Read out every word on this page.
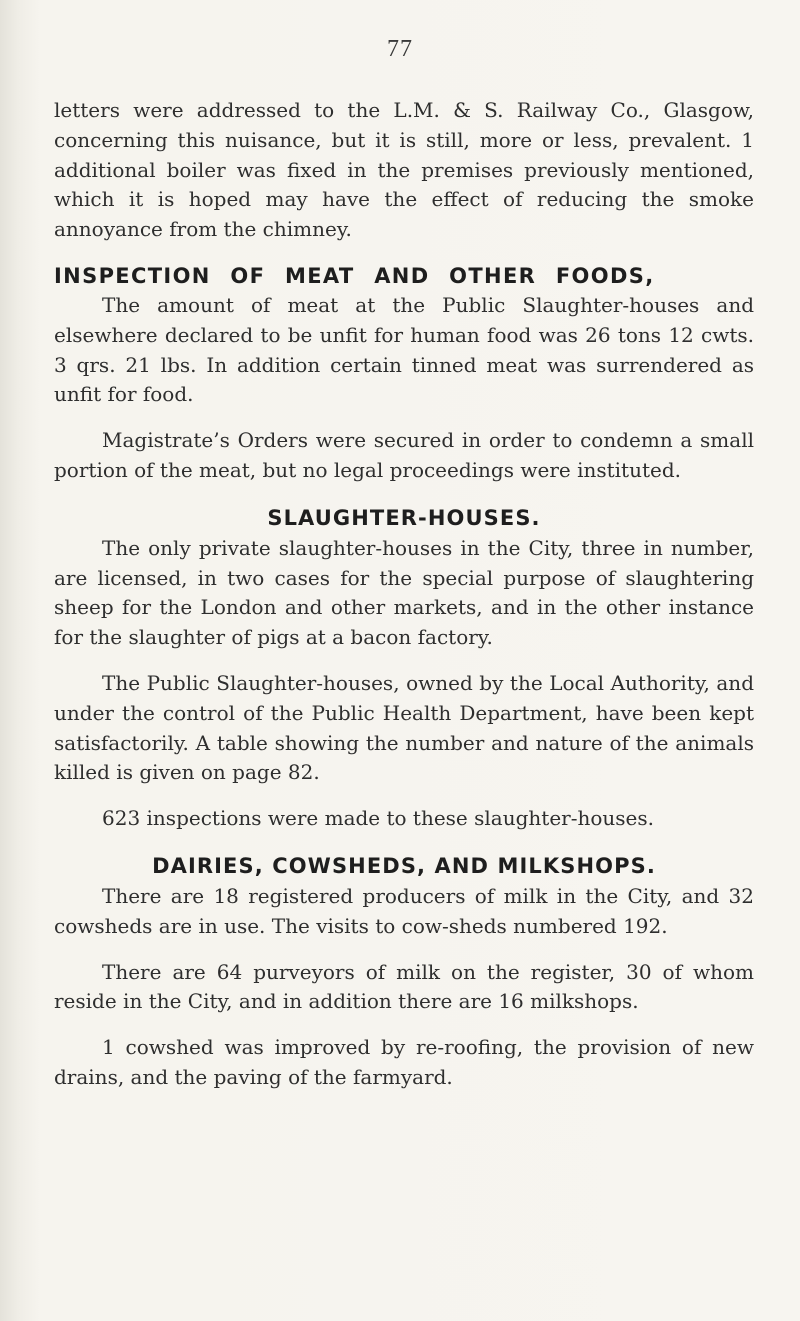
77

letters were addressed to the L.M. & S. Railway Co., Glasgow, concerning this nuisance, but it is still, more or less, prevalent. 1 additional boiler was fixed in the premises previously mentioned, which it is hoped may have the effect of reducing the smoke annoyance from the chimney.

INSPECTION OF MEAT AND OTHER FOODS,

The amount of meat at the Public Slaughter-houses and elsewhere declared to be unfit for human food was 26 tons 12 cwts. 3 qrs. 21 lbs. In addition certain tinned meat was surrendered as unfit for food.

Magistrate’s Orders were secured in order to condemn a small portion of the meat, but no legal proceedings were instituted.

SLAUGHTER-HOUSES.

The only private slaughter-houses in the City, three in number, are licensed, in two cases for the special purpose of slaughtering sheep for the London and other markets, and in the other instance for the slaughter of pigs at a bacon factory.

The Public Slaughter-houses, owned by the Local Authority, and under the control of the Public Health Department, have been kept satisfactorily. A table showing the number and nature of the animals killed is given on page 82.

623 inspections were made to these slaughter-houses.

DAIRIES, COWSHEDS, AND MILKSHOPS.

There are 18 registered producers of milk in the City, and 32 cowsheds are in use. The visits to cow-sheds numbered 192.

There are 64 purveyors of milk on the register, 30 of whom reside in the City, and in addition there are 16 milkshops.

1 cowshed was improved by re-roofing, the provision of new drains, and the paving of the farmyard.
